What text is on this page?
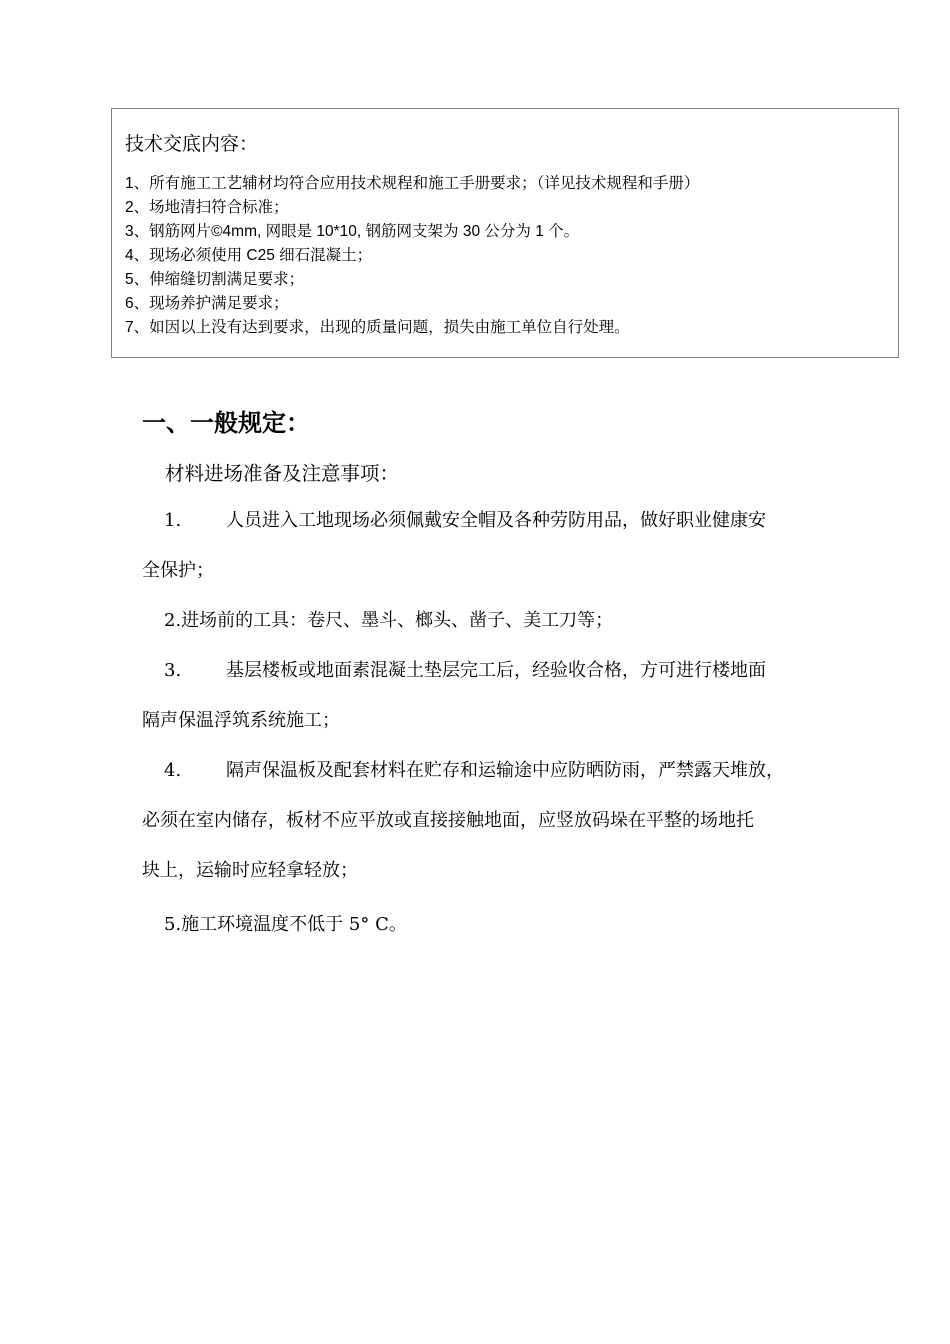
技术交底内容：
1、所有施工工艺辅材均符合应用技术规程和施工手册要求；（详见技术规程和手册）
2、场地清扫符合标准；
3、钢筋网片©4mm, 网眼是 10*10, 钢筋网支架为 30 公分为 1 个。
4、现场必须使用 C25 细石混凝土；
5、伸缩缝切割满足要求；
6、现场养护满足要求；
7、如因以上没有达到要求，出现的质量问题，损失由施工单位自行处理。
一、一般规定：
材料进场准备及注意事项：
1. 人员进入工地现场必须佩戴安全帽及各种劳防用品，做好职业健康安
全保护；
2.进场前的工具：卷尺、墨斗、榔头、凿子、美工刀等；
3. 基层楼板或地面素混凝土垫层完工后，经验收合格，方可进行楼地面
隔声保温浮筑系统施工；
4. 隔声保温板及配套材料在贮存和运输途中应防晒防雨，严禁露天堆放，
必须在室内储存，板材不应平放或直接接触地面，应竖放码垛在平整的场地托
块上，运输时应轻拿轻放；
5.施工环境温度不低于 5° C。
